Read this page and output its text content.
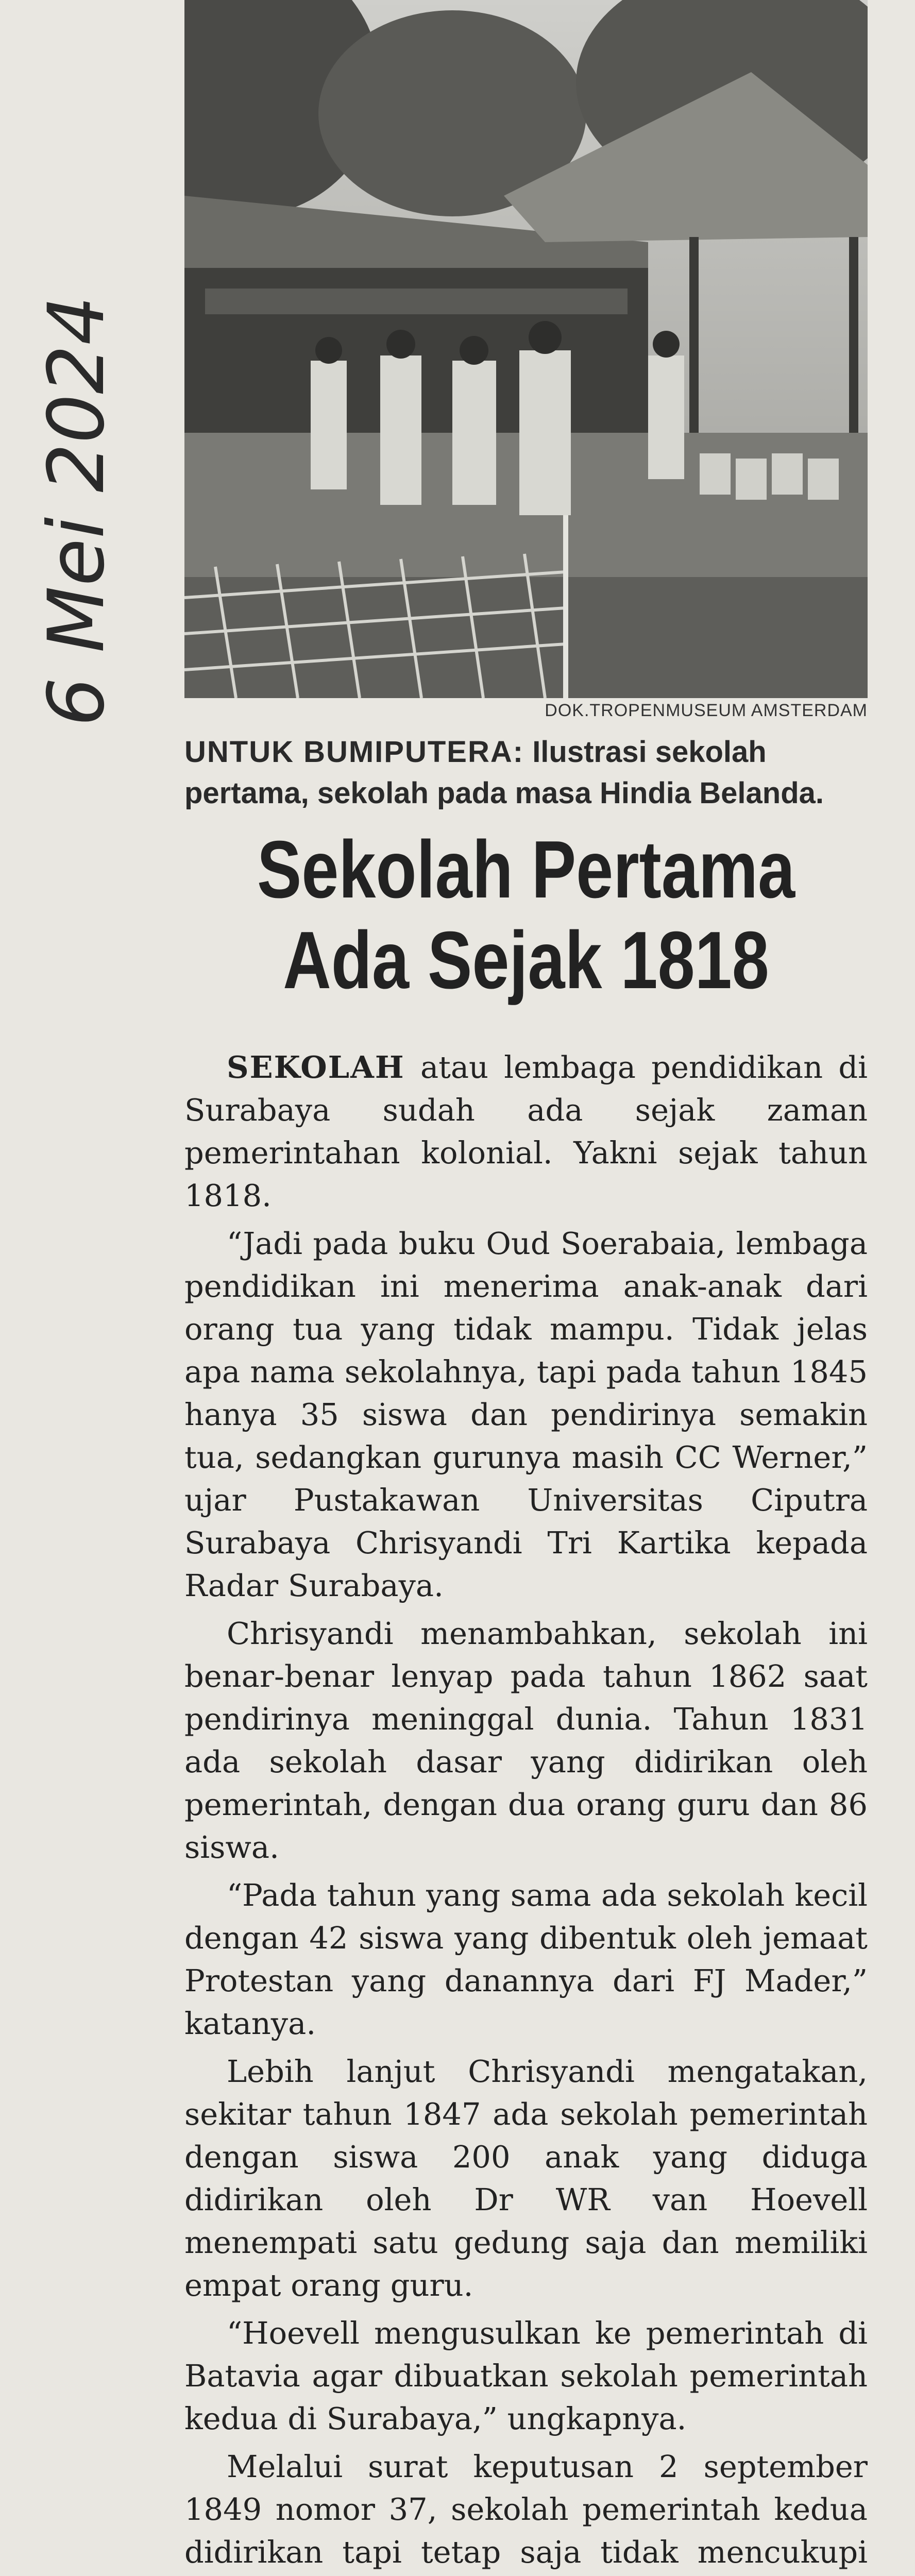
6 Mei 2024	DOK.TROPENMUSEUM AMSTERDAM
UNTUK BUMIPUTERA: Ilustrasi sekolah pertama, sekolah pada masa Hindia Belanda.
Sekolah Pertama
Ada Sejak 1818

SEKOLAH atau lembaga pendidikan di Surabaya sudah ada sejak zaman pemerintahan kolonial. Yakni sejak tahun 1818.

“Jadi pada buku Oud Soerabaia, lembaga pendidikan ini menerima anak-anak dari orang tua yang tidak mampu. Tidak jelas apa nama sekolahnya, tapi pada tahun 1845 hanya 35 siswa dan pendirinya semakin tua, sedangkan gurunya masih CC Werner,” ujar Pustakawan Universitas Ciputra Surabaya Chrisyandi Tri Kartika kepada Radar Surabaya.

Chrisyandi menambahkan, sekolah ini benar-benar lenyap pada tahun 1862 saat pendirinya meninggal dunia. Tahun 1831 ada sekolah dasar yang didirikan oleh pemerintah, dengan dua orang guru dan 86 siswa.

“Pada tahun yang sama ada sekolah kecil dengan 42 siswa yang dibentuk oleh jemaat Protestan yang danannya dari FJ Mader,” katanya.

Lebih lanjut Chrisyandi mengatakan, sekitar tahun 1847 ada sekolah pemerintah dengan siswa 200 anak yang diduga didirikan oleh Dr WR van Hoevell menempati satu gedung saja dan memiliki empat orang guru.

“Hoevell mengusulkan ke pemerintah di Batavia agar dibuatkan sekolah pemerintah kedua di Surabaya,” ungkapnya.

Melalui surat keputusan 2 september 1849 nomor 37, sekolah pemerintah kedua didirikan tapi tetap saja tidak mencukupi
